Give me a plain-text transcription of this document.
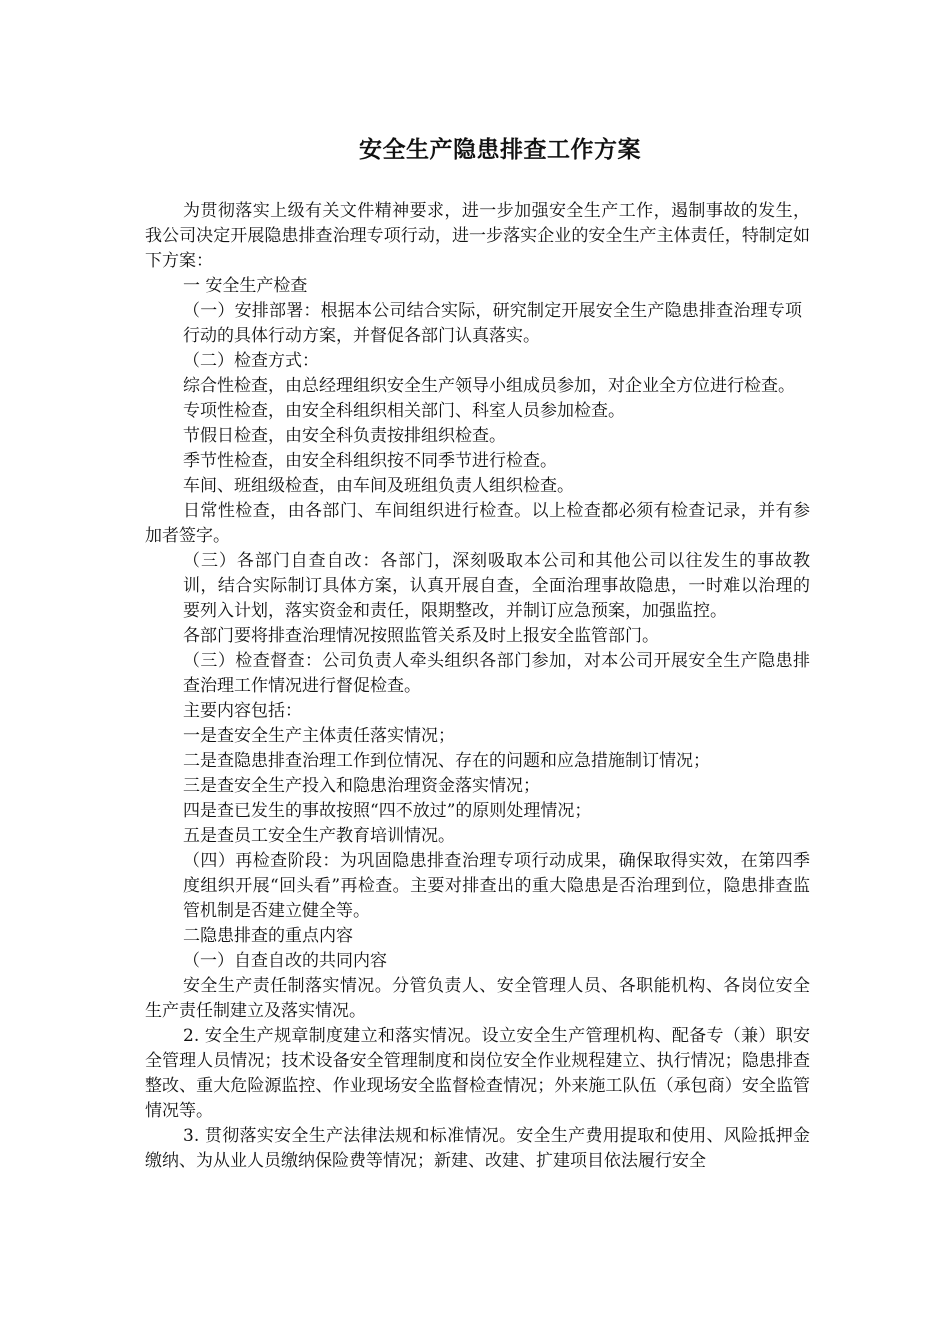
安全生产隐患排查工作方案

为贯彻落实上级有关文件精神要求，进一步加强安全生产工作，遏制事故的发生，我公司决定开展隐患排查治理专项行动，进一步落实企业的安全生产主体责任，特制定如下方案：

一 安全生产检查

（一）安排部署：根据本公司结合实际，研究制定开展安全生产隐患排查治理专项行动的具体行动方案，并督促各部门认真落实。

（二）检查方式：

综合性检查，由总经理组织安全生产领导小组成员参加，对企业全方位进行检查。

专项性检查，由安全科组织相关部门、科室人员参加检查。

节假日检查，由安全科负责按排组织检查。

季节性检查，由安全科组织按不同季节进行检查。

车间、班组级检查，由车间及班组负责人组织检查。

日常性检查，由各部门、车间组织进行检查。以上检查都必须有检查记录，并有参加者签字。

（三）各部门自查自改：各部门，深刻吸取本公司和其他公司以往发生的事故教训，结合实际制订具体方案，认真开展自查，全面治理事故隐患，一时难以治理的要列入计划，落实资金和责任，限期整改，并制订应急预案，加强监控。

各部门要将排查治理情况按照监管关系及时上报安全监管部门。

（三）检查督查：公司负责人牵头组织各部门参加，对本公司开展安全生产隐患排查治理工作情况进行督促检查。

主要内容包括：

一是查安全生产主体责任落实情况；

二是查隐患排查治理工作到位情况、存在的问题和应急措施制订情况；

三是查安全生产投入和隐患治理资金落实情况；

四是查已发生的事故按照“四不放过”的原则处理情况；

五是查员工安全生产教育培训情况。

（四）再检查阶段：为巩固隐患排查治理专项行动成果，确保取得实效，在第四季度组织开展“回头看”再检查。主要对排查出的重大隐患是否治理到位，隐患排查监管机制是否建立健全等。

二隐患排查的重点内容

（一）自查自改的共同内容

安全生产责任制落实情况。分管负责人、安全管理人员、各职能机构、各岗位安全生产责任制建立及落实情况。

2. 安全生产规章制度建立和落实情况。设立安全生产管理机构、配备专（兼）职安全管理人员情况；技术设备安全管理制度和岗位安全作业规程建立、执行情况；隐患排查整改、重大危险源监控、作业现场安全监督检查情况；外来施工队伍（承包商）安全监管情况等。

3. 贯彻落实安全生产法律法规和标准情况。安全生产费用提取和使用、风险抵押金缴纳、为从业人员缴纳保险费等情况；新建、改建、扩建项目依法履行安全
